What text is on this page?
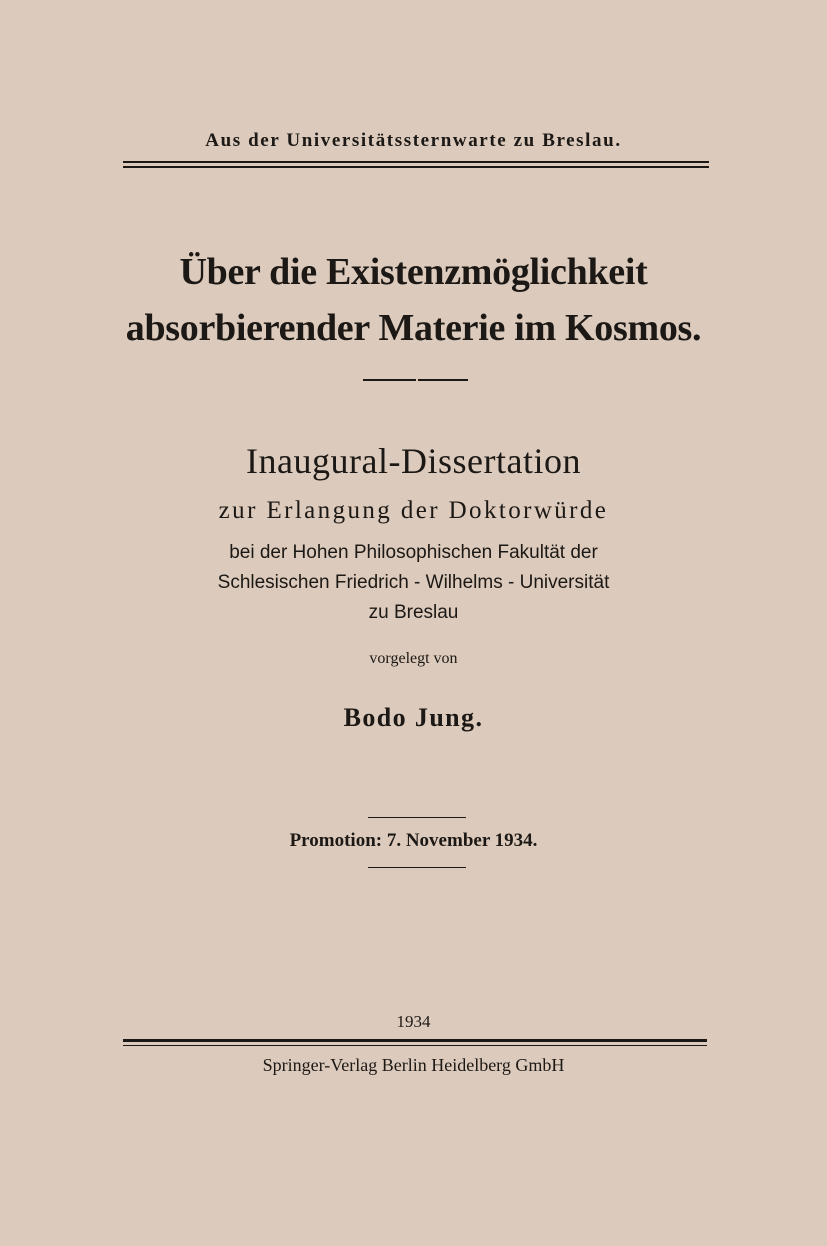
Aus der Universitätssternwarte zu Breslau.
Über die Existenzmöglichkeit
absorbierender Materie im Kosmos.
Inaugural-Dissertation
zur Erlangung der Doktorwürde
bei der Hohen Philosophischen Fakultät der
Schlesischen Friedrich - Wilhelms - Universität
zu Breslau
vorgelegt von
Bodo Jung.
Promotion: 7. November 1934.
1934
Springer-Verlag Berlin Heidelberg GmbH
